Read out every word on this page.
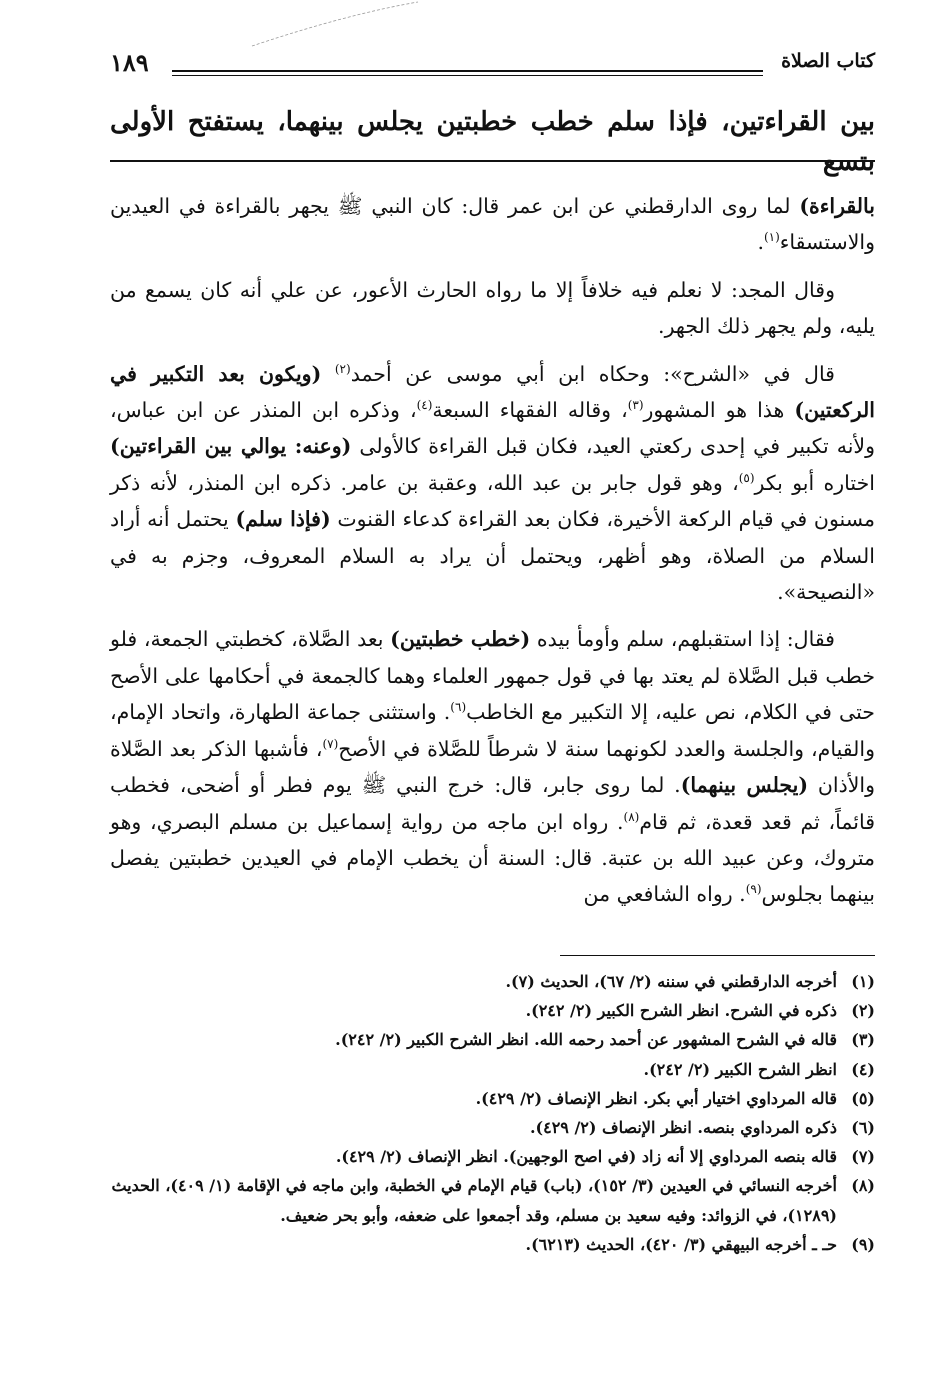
كتاب الصلاة
١٨٩
بين القراءتين، فإذا سلم خطب خطبتين يجلس بينهما، يستفتح الأولى بتسع

بالقراءة) لما روى الدارقطني عن ابن عمر قال: كان النبي ﷺ يجهر بالقراءة في العيدين والاستسقاء$^{(١)}$.

وقال المجد: لا نعلم فيه خلافاً إلا ما رواه الحارث الأعور، عن علي أنه كان يسمع من يليه، ولم يجهر ذلك الجهر.

قال في «الشرح»: وحكاه ابن أبي موسى عن أحمد$^{(٢)}$ (ويكون بعد التكبير في الركعتين) هذا هو المشهور$^{(٣)}$، وقاله الفقهاء السبعة$^{(٤)}$، وذكره ابن المنذر عن ابن عباس، ولأنه تكبير في إحدى ركعتي العيد، فكان قبل القراءة كالأولى (وعنه: يوالي بين القراءتين) اختاره أبو بكر$^{(٥)}$، وهو قول جابر بن عبد الله، وعقبة بن عامر. ذكره ابن المنذر، لأنه ذكر مسنون في قيام الركعة الأخيرة، فكان بعد القراءة كدعاء القنوت (فإذا سلم) يحتمل أنه أراد السلام من الصلاة، وهو أظهر، ويحتمل أن يراد به السلام المعروف، وجزم به في «النصيحة».

فقال: إذا استقبلهم، سلم وأومأ بيده (خطب خطبتين) بعد الصَّلاة، كخطبتي الجمعة، فلو خطب قبل الصَّلاة لم يعتد بها في قول جمهور العلماء وهما كالجمعة في أحكامها على الأصح حتى في الكلام، نص عليه، إلا التكبير مع الخاطب$^{(٦)}$. واستثنى جماعة الطهارة، واتحاد الإمام، والقيام، والجلسة والعدد لكونهما سنة لا شرطاً للصَّلاة في الأصح$^{(٧)}$، فأشبها الذكر بعد الصَّلاة والأذان (يجلس بينهما). لما روى جابر، قال: خرج النبي ﷺ يوم فطر أو أضحى، فخطب قائماً، ثم قعد قعدة، ثم قام$^{(٨)}$. رواه ابن ماجه من رواية إسماعيل بن مسلم البصري، وهو متروك، وعن عبيد الله بن عتبة. قال: السنة أن يخطب الإمام في العيدين خطبتين يفصل بينهما بجلوس$^{(٩)}$. رواه الشافعي من

(١)
أخرجه الدارقطني في سننه (٢/ ٦٧)، الحديث (٧).
(٢)
ذكره في الشرح. انظر الشرح الكبير (٢/ ٢٤٢).
(٣)
قاله في الشرح المشهور عن أحمد رحمه الله. انظر الشرح الكبير (٢/ ٢٤٢).
(٤)
انظر الشرح الكبير (٢/ ٢٤٢).
(٥)
قاله المرداوي اختيار أبي بكر. انظر الإنصاف (٢/ ٤٢٩).
(٦)
ذكره المرداوي بنصه. انظر الإنصاف (٢/ ٤٢٩).
(٧)
قاله بنصه المرداوي إلا أنه زاد (في اصح الوجهين). انظر الإنصاف (٢/ ٤٢٩).
(٨)
أخرجه النسائي في العيدين (٣/ ١٥٢)، (باب) قيام الإمام في الخطبة، وابن ماجه في الإقامة (١/ ٤٠٩)، الحديث (١٢٨٩)، في الزوائد: وفيه سعيد بن مسلم، وقد أجمعوا على ضعفه، وأبو بحر ضعيف.
(٩)
حـ ـ أخرجه البيهقي (٣/ ٤٢٠)، الحديث (٦٢١٣).
